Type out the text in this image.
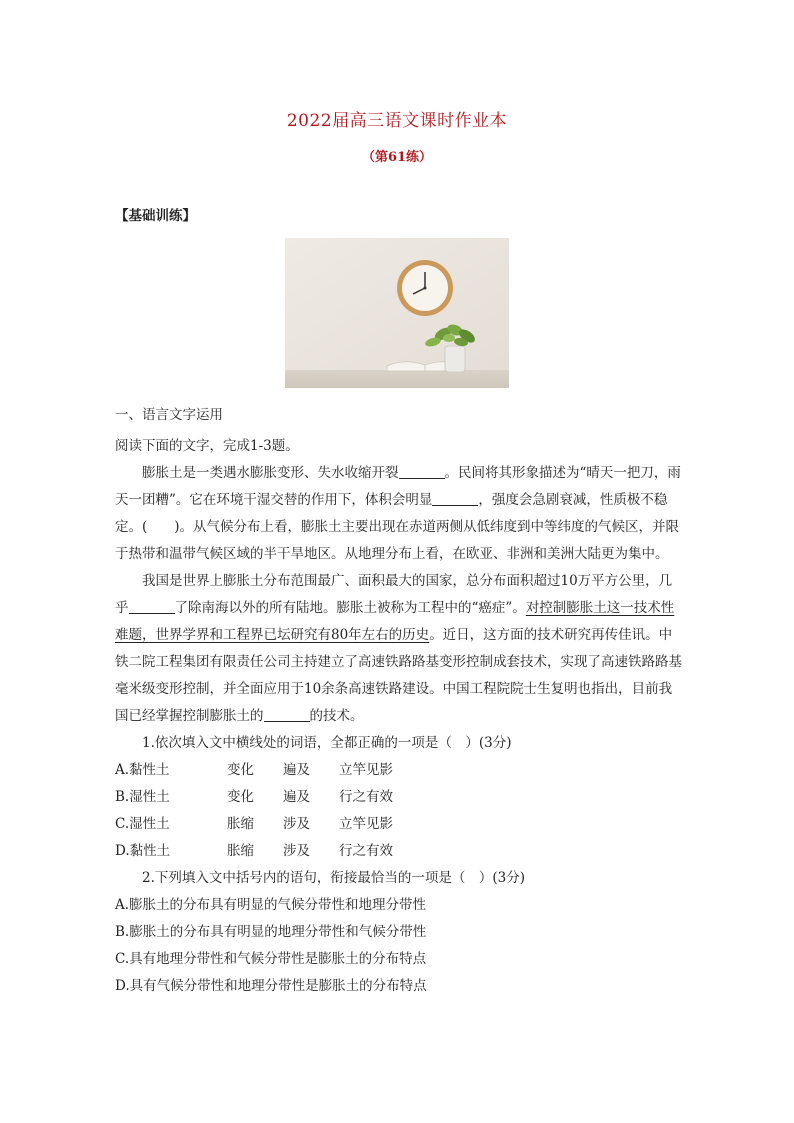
2022届高三语文课时作业本
（第61练）
【基础训练】

一、语言文字运用

阅读下面的文字，完成1-3题。

膨胀土是一类遇水膨胀变形、失水收缩开裂	。民间将其形象描述为“晴天一把刀，雨天一团糟”。它在环境干湿交替的作用下，体积会明显	，强度会急剧衰减，性质极不稳定。(　　)。从气候分布上看，膨胀土主要出现在赤道两侧从低纬度到中等纬度的气候区，并限于热带和温带气候区域的半干旱地区。从地理分布上看，在欧亚、非洲和美洲大陆更为集中。

我国是世界上膨胀土分布范围最广、面积最大的国家，总分布面积超过10万平方公里，几乎	了除南海以外的所有陆地。膨胀土被称为工程中的“癌症”。对控制膨胀土这一技术性难题，世界学界和工程界已坛研究有80年左右的历史。近日，这方面的技术研究再传佳讯。中铁二院工程集团有限责任公司主持建立了高速铁路路基变形控制成套技术，实现了高速铁路路基毫米级变形控制，并全面应用于10余条高速铁路建设。中国工程院院士生复明也指出，目前我国已经掌握控制膨胀土的	的技术。

1.依次填入文中横线处的词语，全都正确的一项是（　）(3分)

A.黏性土	变化 遍及 立竿见影

B.湿性土	变化 遍及 行之有效

C.湿性土	胀缩 涉及 立竿见影

D.黏性土	胀缩 涉及 行之有效

2.下列填入文中括号内的语句，衔接最恰当的一项是（　）(3分)

A.膨胀土的分布具有明显的气候分带性和地理分带性

B.膨胀土的分布具有明显的地理分带性和气候分带性

C.具有地理分带性和气候分带性是膨胀土的分布特点

D.具有气候分带性和地理分带性是膨胀土的分布特点
